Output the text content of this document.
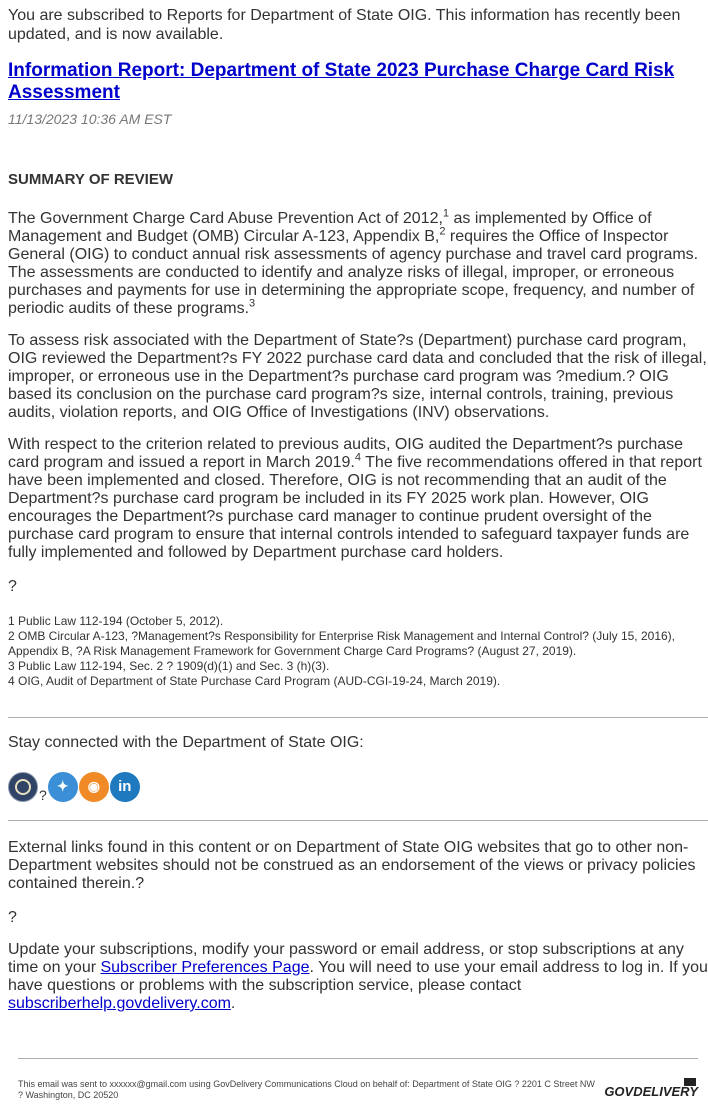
You are subscribed to Reports for Department of State OIG. This information has recently been updated, and is now available.

Information Report: Department of State 2023 Purchase Charge Card Risk Assessment
11/13/2023 10:36 AM EST
SUMMARY OF REVIEW

The Government Charge Card Abuse Prevention Act of 2012,$^1$ as implemented by Office of Management and Budget (OMB) Circular A-123, Appendix B,$^2$ requires the Office of Inspector General (OIG) to conduct annual risk assessments of agency purchase and travel card programs. The assessments are conducted to identify and analyze risks of illegal, improper, or erroneous purchases and payments for use in determining the appropriate scope, frequency, and number of periodic audits of these programs.$^3$

To assess risk associated with the Department of State?s (Department) purchase card program, OIG reviewed the Department?s FY 2022 purchase card data and concluded that the risk of illegal, improper, or erroneous use in the Department?s purchase card program was ?medium.? OIG based its conclusion on the purchase card program?s size, internal controls, training, previous audits, violation reports, and OIG Office of Investigations (INV) observations.

With respect to the criterion related to previous audits, OIG audited the Department?s purchase card program and issued a report in March 2019.$^4$ The five recommendations offered in that report have been implemented and closed. Therefore, OIG is not recommending that an audit of the Department?s purchase card program be included in its FY 2025 work plan. However, OIG encourages the Department?s purchase card manager to continue prudent oversight of the purchase card program to ensure that internal controls intended to safeguard taxpayer funds are fully implemented and followed by Department purchase card holders.

?
1 Public Law 112-194 (October 5, 2012).
2 OMB Circular A-123, ?Management?s Responsibility for Enterprise Risk Management and Internal Control? (July 15, 2016), Appendix B, ?A Risk Management Framework for Government Charge Card Programs? (August 27, 2019).
3 Public Law 112-194, Sec. 2 ? 1909(d)(1) and Sec. 3 (h)(3).
4 OIG, Audit of Department of State Purchase Card Program (AUD-CGI-19-24, March 2019).
Stay connected with the Department of State OIG:
?
✦	◉	in

External links found in this content or on Department of State OIG websites that go to other non-Department websites should not be construed as an endorsement of the views or privacy policies contained therein.?

?

Update your subscriptions, modify your password or email address, or stop subscriptions at any time on your Subscriber Preferences Page. You will need to use your email address to log in. If you have questions or problems with the subscription service, please contact subscriberhelp.govdelivery.com.

This email was sent to xxxxxx@gmail.com using GovDelivery Communications Cloud on behalf of: Department of State OIG ? 2201 C Street NW ? Washington, DC 20520	GOVDELIVERY
